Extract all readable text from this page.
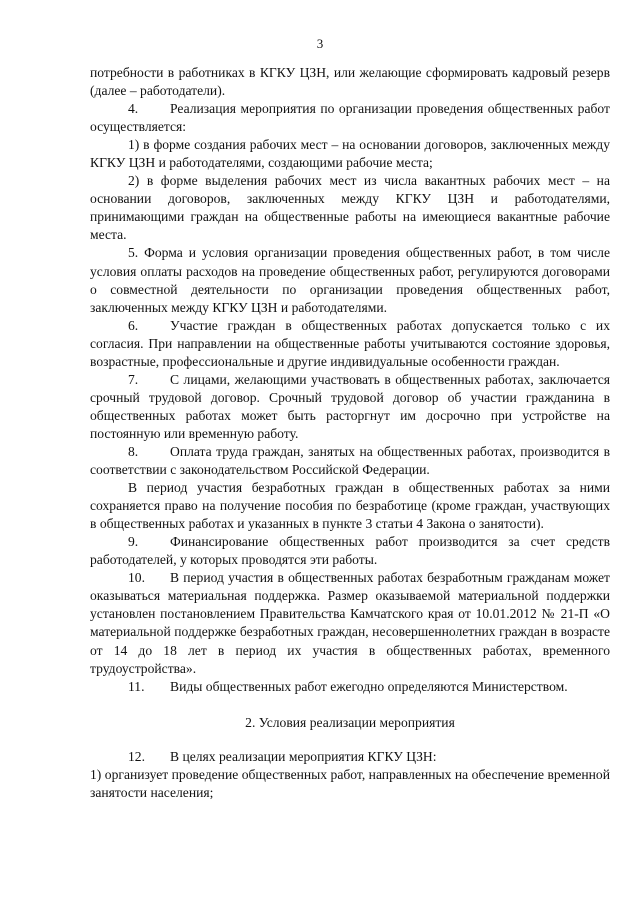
3

потребности в работниках в КГКУ ЦЗН, или желающие сформировать кадровый резерв (далее – работодатели).

4. Реализация мероприятия по организации проведения общественных работ осуществляется:

1) в форме создания рабочих мест – на основании договоров, заключенных между КГКУ ЦЗН и работодателями, создающими рабочие места;

2) в форме выделения рабочих мест из числа вакантных рабочих мест – на основании договоров, заключенных между КГКУ ЦЗН и работодателями, принимающими граждан на общественные работы на имеющиеся вакантные рабочие места.

5. Форма и условия организации проведения общественных работ, в том числе условия оплаты расходов на проведение общественных работ, регулируются договорами о совместной деятельности по организации проведения общественных работ, заключенных между КГКУ ЦЗН и работодателями.

6. Участие граждан в общественных работах допускается только с их согласия. При направлении на общественные работы учитываются состояние здоровья, возрастные, профессиональные и другие индивидуальные особенности граждан.

7. С лицами, желающими участвовать в общественных работах, заключается срочный трудовой договор. Срочный трудовой договор об участии гражданина в общественных работах может быть расторгнут им досрочно при устройстве на постоянную или временную работу.

8. Оплата труда граждан, занятых на общественных работах, производится в соответствии с законодательством Российской Федерации.

В период участия безработных граждан в общественных работах за ними сохраняется право на получение пособия по безработице (кроме граждан, участвующих в общественных работах и указанных в пункте 3 статьи 4 Закона о занятости).

9. Финансирование общественных работ производится за счет средств работодателей, у которых проводятся эти работы.

10. В период участия в общественных работах безработным гражданам может оказываться материальная поддержка. Размер оказываемой материальной поддержки установлен постановлением Правительства Камчатского края от 10.01.2012 № 21-П «О материальной поддержке безработных граждан, несовершеннолетних граждан в возрасте от 14 до 18 лет в период их участия в общественных работах, временного трудоустройства».

11. Виды общественных работ ежегодно определяются Министерством.

2. Условия реализации мероприятия

12. В целях реализации мероприятия КГКУ ЦЗН:

1) организует проведение общественных работ, направленных на обеспечение временной занятости населения;
